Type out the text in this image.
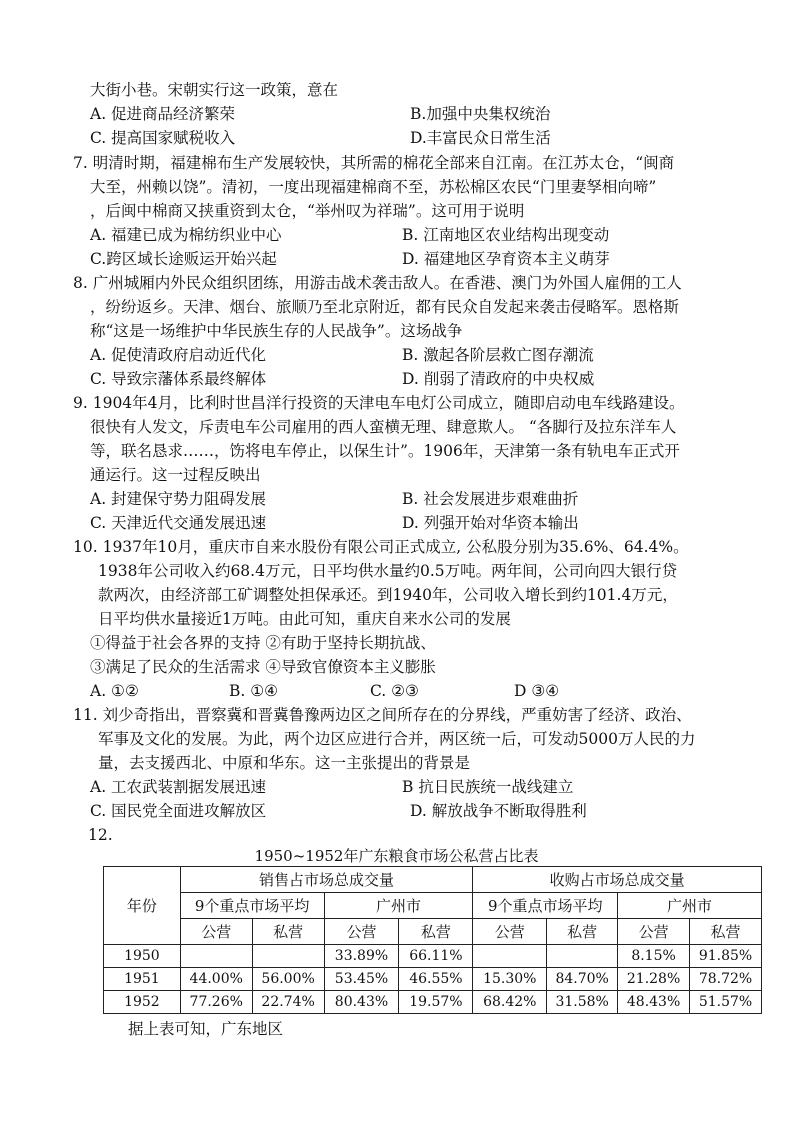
大街小巷。宋朝实行这一政策，意在
A. 促进商品经济繁荣	B.加强中央集权统治
C. 提高国家赋税收入	D.丰富民众日常生活
7. 明清时期，福建棉布生产发展较快，其所需的棉花全部来自江南。在江苏太仓，“闽商
大至，州赖以饶”。清初，一度出现福建棉商不至，苏松棉区农民“门里妻孥相向啼”
，后闽中棉商又挟重资到太仓，“举州叹为祥瑞”。这可用于说明
A. 福建已成为棉纺织业中心	B. 江南地区农业结构出现变动
C.跨区域长途贩运开始兴起	D. 福建地区孕育资本主义萌芽
8. 广州城厢内外民众组织团练，用游击战术袭击敌人。在香港、澳门为外国人雇佣的工人
，纷纷返乡。天津、烟台、旅顺乃至北京附近，都有民众自发起来袭击侵略军。恩格斯
称“这是一场维护中华民族生存的人民战争”。这场战争
A. 促使清政府启动近代化	B. 激起各阶层救亡图存潮流
C. 导致宗藩体系最终解体	D. 削弱了清政府的中央权威
9. 1904年4月，比利时世昌洋行投资的天津电车电灯公司成立，随即启动电车线路建设。
很快有人发文，斥责电车公司雇用的西人蛮横无理、肆意欺人。 “各脚行及拉东洋车人
等，联名恳求……，饬将电车停止，以保生计”。1906年，天津第一条有轨电车正式开
通运行。这一过程反映出
A. 封建保守势力阻碍发展	B. 社会发展进步艰难曲折
C. 天津近代交通发展迅速	D. 列强开始对华资本输出
10. 1937年10月，重庆市自来水股份有限公司正式成立, 公私股分别为35.6%、64.4%。
1938年公司收入约68.4万元，日平均供水量约0.5万吨。两年间，公司向四大银行贷
款两次，由经济部工矿调整处担保承还。到1940年，公司收入增长到约101.4万元，
日平均供水量接近1万吨。由此可知，重庆自来水公司的发展
①得益于社会各界的支持 ②有助于坚持长期抗战、
③满足了民众的生活需求 ④导致官僚资本主义膨胀
A. ①②	B. ①④	C. ②③	D ③④
11. 刘少奇指出，晋察冀和晋冀鲁豫两边区之间所存在的分界线，严重妨害了经济、政治、
军事及文化的发展。为此，两个边区应进行合并，两区统一后，可发动5000万人民的力
量，去支援西北、中原和华东。这一主张提出的背景是
A. 工农武装割据发展迅速	B 抗日民族统一战线建立
C. 国民党全面进攻解放区	D. 解放战争不断取得胜利
12.
1950~1952年广东粮食市场公私营占比表
年份	销售占市场总成交量				收购占市场总成交量			
	9个重点市场平均		广州市		9个重点市场平均		广州市	
	公营	私营	公营	私营	公营	私营	公营	私营
1950			33.89%	66.11%			8.15%	91.85%
1951	44.00%	56.00%	53.45%	46.55%	15.30%	84.70%	21.28%	78.72%
1952	77.26%	22.74%	80.43%	19.57%	68.42%	31.58%	48.43%	51.57%
据上表可知，广东地区
